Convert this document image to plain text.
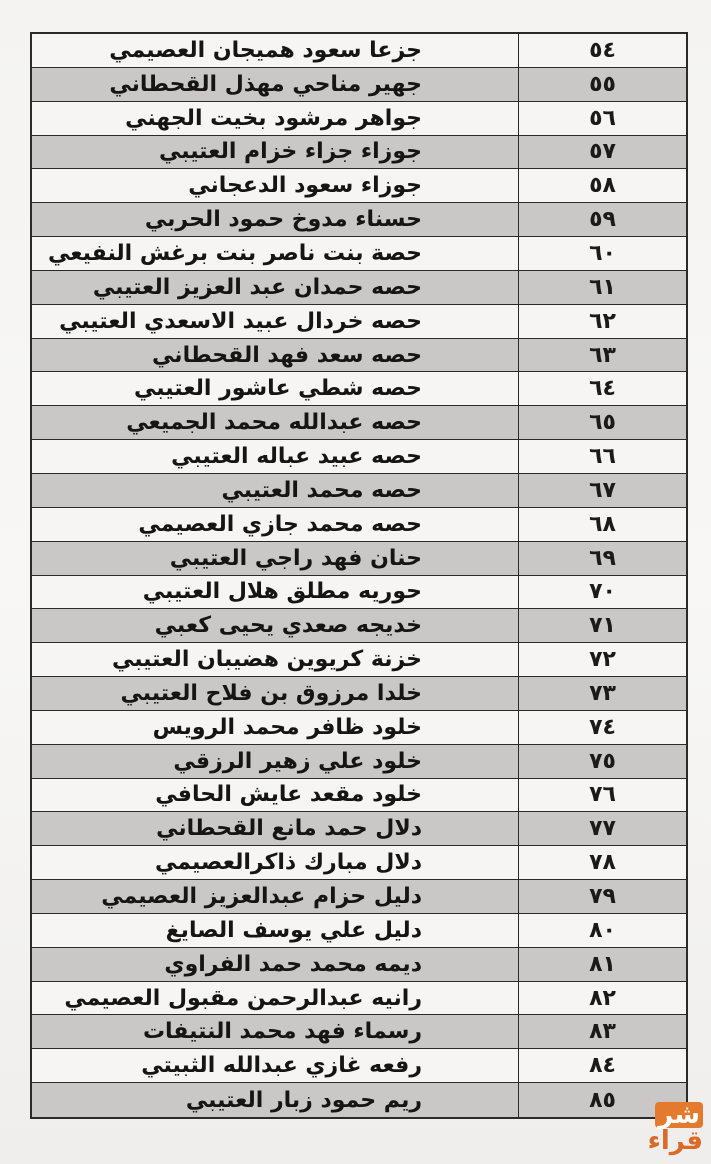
٥٤
جزعا سعود هميجان العصيمي
٥٥
جهير مناحي مهذل القحطاني
٥٦
جواهر مرشود بخيت الجهني
٥٧
جوزاء جزاء خزام العتيبي
٥٨
جوزاء سعود الدعجاني
٥٩
حسناء مدوخ حمود الحربي
٦٠
حصة بنت ناصر بنت برغش النفيعي
٦١
حصه حمدان عبد العزيز العتيبي
٦٢
حصه خردال عبيد الاسعدي العتيبي
٦٣
حصه سعد فهد القحطاني
٦٤
حصه شطي عاشور العتيبي
٦٥
حصه عبدالله محمد الجميعي
٦٦
حصه عبيد عباله العتيبي
٦٧
حصه محمد العتيبي
٦٨
حصه محمد جازي العصيمي
٦٩
حنان فهد راجي العتيبي
٧٠
حوريه مطلق هلال العتيبي
٧١
خديجه صعدي يحيى كعبي
٧٢
خزنة كريوين هضيبان العتيبي
٧٣
خلدا مرزوق بن فلاح العتيبي
٧٤
خلود ظافر محمد الرويس
٧٥
خلود علي زهير الرزقي
٧٦
خلود مقعد عايش الحافي
٧٧
دلال حمد مانع القحطاني
٧٨
دلال مبارك ذاكرالعصيمي
٧٩
دليل حزام عبدالعزيز العصيمي
٨٠
دليل علي يوسف الصايغ
٨١
ديمه محمد حمد الفراوي
٨٢
رانيه عبدالرحمن مقبول العصيمي
٨٣
رسماء فهد محمد النتيفات
٨٤
رفعه غازي عبدالله الثبيتي
٨٥
ريم حمود زبار العتيبي	شرقراء
